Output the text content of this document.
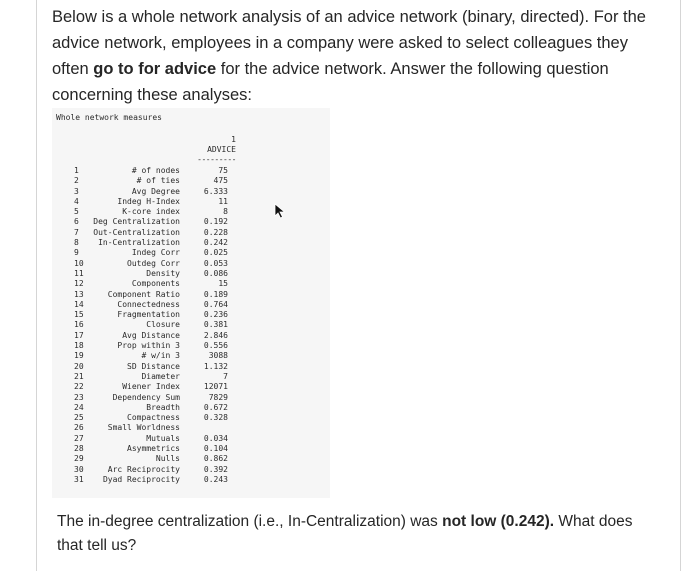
Below is a whole network analysis of an advice network (binary, directed). For the advice network, employees in a company were asked to select colleagues they often go to for advice for the advice network. Answer the following question concerning these analyses:
Whole network measures
1
ADVICE
---------
1	# of nodes	75
2	# of ties	475
3	Avg Degree	6.333
4	Indeg H-Index	11
5	K-core index	8
6	Deg Centralization	0.192
7	Out-Centralization	0.228
8	In-Centralization	0.242
9	Indeg Corr	0.025
10	Outdeg Corr	0.053
11	Density	0.086
12	Components	15
13	Component Ratio	0.189
14	Connectedness	0.764
15	Fragmentation	0.236
16	Closure	0.381
17	Avg Distance	2.846
18	Prop within 3	0.556
19	# w/in 3	3088
20	SD Distance	1.132
21	Diameter	7
22	Wiener Index	12071
23	Dependency Sum	7829
24	Breadth	0.672
25	Compactness	0.328
26	Small Worldness	
27	Mutuals	0.034
28	Asymmetrics	0.104
29	Nulls	0.862
30	Arc Reciprocity	0.392
31	Dyad Reciprocity	0.243
The in-degree centralization (i.e., In-Centralization) was not low (0.242). What does that tell us?
